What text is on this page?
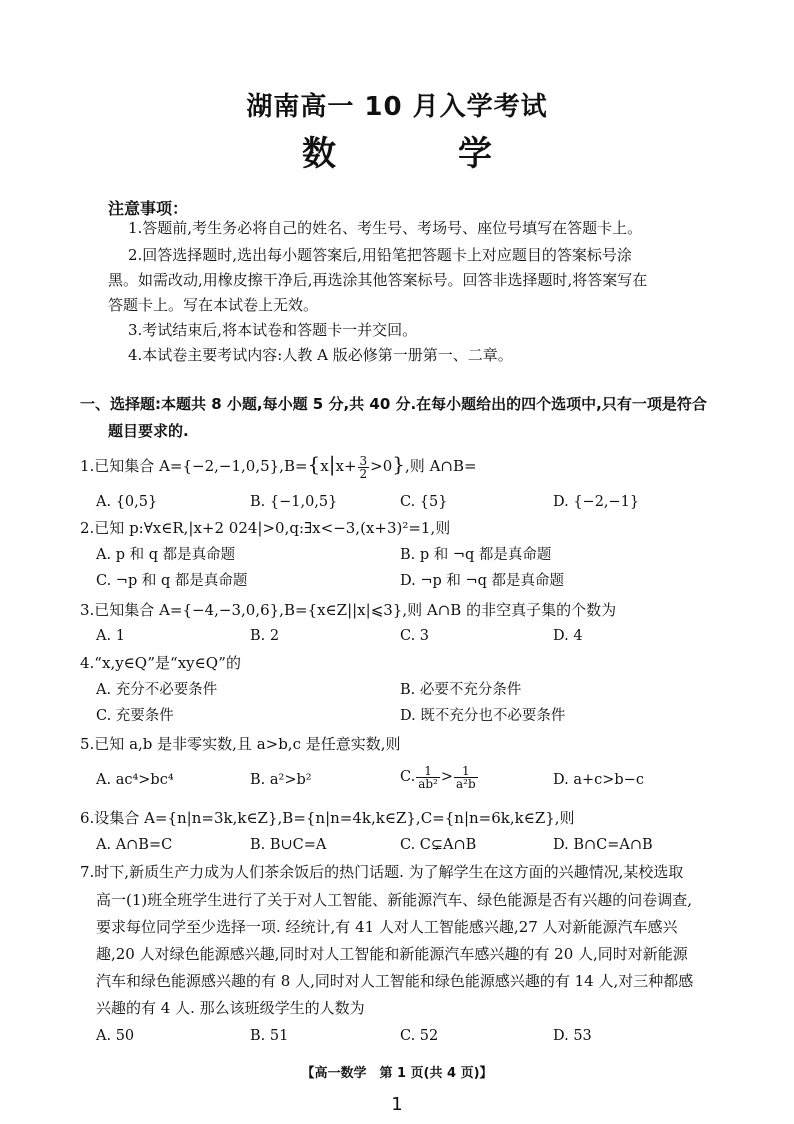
湖南高一 10 月入学考试
数　学
注意事项：
1.答题前,考生务必将自己的姓名、考生号、考场号、座位号填写在答题卡上。
2.回答选择题时,选出每小题答案后,用铅笔把答题卡上对应题目的答案标号涂
黑。如需改动,用橡皮擦干净后,再选涂其他答案标号。回答非选择题时,将答案写在
答题卡上。写在本试卷上无效。
3.考试结束后,将本试卷和答题卡一并交回。
4.本试卷主要考试内容:人教 A 版必修第一册第一、二章。
一、选择题:本题共 8 小题,每小题 5 分,共 40 分.在每小题给出的四个选项中,只有一项是符合
题目要求的.
1.已知集合 $A=\{-2,-1,0,5\},B=\{x|x+ \frac{3}{2} >0\}$,则 A∩B=
A. {0,5}	B. {−1,0,5}	C. {5}	D. {−2,−1}
2.已知 p:∀x∈R,|x+2 024|>0,q:∃x<−3,(x+3)²=1,则
A. p 和 q 都是真命题	B. p 和 ¬q 都是真命题
C. ¬p 和 q 都是真命题	D. ¬p 和 ¬q 都是真命题
3.已知集合 A={−4,−3,0,6},B={x∈Z||x|⩽3},则 A∩B 的非空真子集的个数为
A. 1	B. 2	C. 3	D. 4
4.“x,y∈Q”是“xy∈Q”的
A. 充分不必要条件	B. 必要不充分条件
C. 充要条件	D. 既不充分也不必要条件
5.已知 a,b 是非零实数,且 a>b,c 是任意实数,则
A. ac⁴>bc⁴	B. a²>b²	C. $\frac{1}{\text{ab²}} > \frac{1}{\text{a²b}}$	D. a+c>b−c
6.设集合 A={n|n=3k,k∈Z},B={n|n=4k,k∈Z},C={n|n=6k,k∈Z},则
A. A∩B=C	B. B∪C=A	C. C⊊A∩B	D. B∩C=A∩B
7.时下,新质生产力成为人们茶余饭后的热门话题. 为了解学生在这方面的兴趣情况,某校选取
高一(1)班全班学生进行了关于对人工智能、新能源汽车、绿色能源是否有兴趣的问卷调查,
要求每位同学至少选择一项. 经统计,有 41 人对人工智能感兴趣,27 人对新能源汽车感兴
趣,20 人对绿色能源感兴趣,同时对人工智能和新能源汽车感兴趣的有 20 人,同时对新能源
汽车和绿色能源感兴趣的有 8 人,同时对人工智能和绿色能源感兴趣的有 14 人,对三种都感
兴趣的有 4 人. 那么该班级学生的人数为
A. 50	B. 51	C. 52	D. 53
【高一数学　第 1 页(共 4 页)】
1
